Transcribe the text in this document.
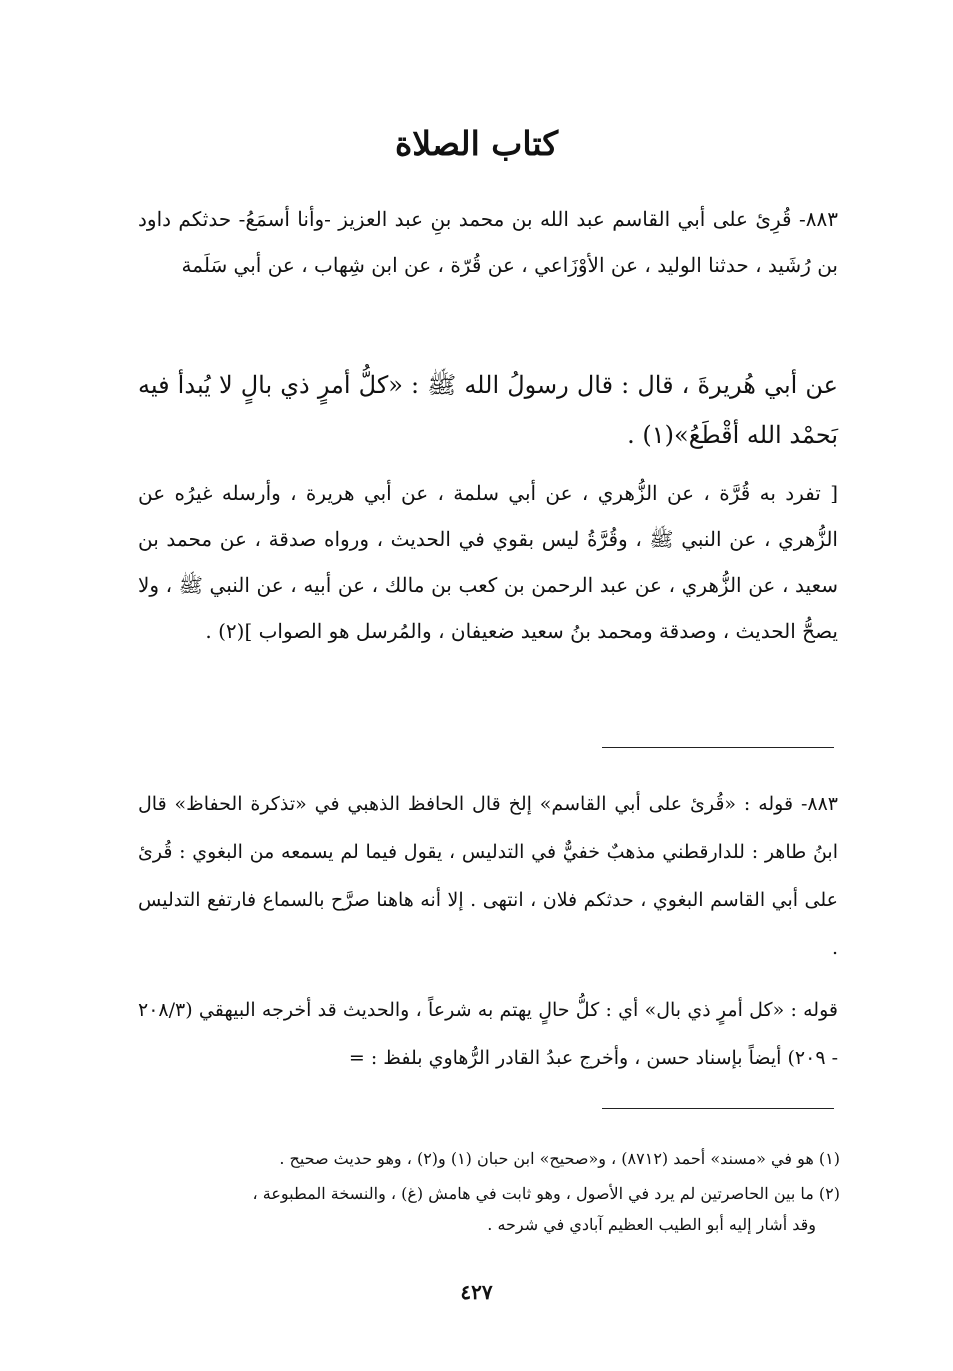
كتاب الصلاة
٨٨٣- قُرِئ على أبي القاسم عبد الله بن محمد بنِ عبد العزيز -وأنا أسمَعُ- حدثكم داود بن رُشَيد ، حدثنا الوليد ، عن الأوْزَاعي ، عن قُرّة ، عن ابن شِهاب ، عن أبي سَلَمة
عن أبي هُريرةَ ، قال : قال رسولُ الله ﷺ : «كلُّ أمرٍ ذي بالٍ لا يُبدأ فيه بَحمْد الله أقْطَعُ»(١) .
[ تفرد به قُرَّة ، عن الزُّهري ، عن أبي سلمة ، عن أبي هريرة ، وأرسله غيرُه عن الزُّهري ، عن النبي ﷺ ، وقُرَّةُ ليس بقوي في الحديث ، ورواه صدقة ، عن محمد بن سعيد ، عن الزُّهري ، عن عبد الرحمن بن كعب بن مالك ، عن أبيه ، عن النبي ﷺ ، ولا يصحُّ الحديث ، وصدقة ومحمد بنُ سعيد ضعيفان ، والمُرسل هو الصواب ](٢) .
٨٨٣- قوله : «قُرئ على أبي القاسم» إلخ قال الحافظ الذهبي في «تذكرة الحفاظ» قال ابنُ طاهر : للدارقطني مذهبٌ خفيٌّ في التدليس ، يقول فيما لم يسمعه من البغوي : قُرئ على أبي القاسم البغوي ، حدثكم فلان ، انتهى . إلا أنه هاهنا صرَّح بالسماع فارتفع التدليس .
قوله : «كل أمرٍ ذي بال» أي : كلُّ حالٍ يهتم به شرعاً ، والحديث قد أخرجه البيهقي (٢٠٨/٣ - ٢٠٩) أيضاً بإسناد حسن ، وأخرج عبدُ القادر الرُّهاوي بلفظ : =
(١) هو في «مسند» أحمد (٨٧١٢) ، و«صحيح» ابن حبان (١) و(٢) ، وهو حديث صحيح .
(٢) ما بين الحاصرتين لم يرد في الأصول ، وهو ثابت في هامش (غ) ، والنسخة المطبوعة ،
وقد أشار إليه أبو الطيب العظيم آبادي في شرحه .
٤٢٧
